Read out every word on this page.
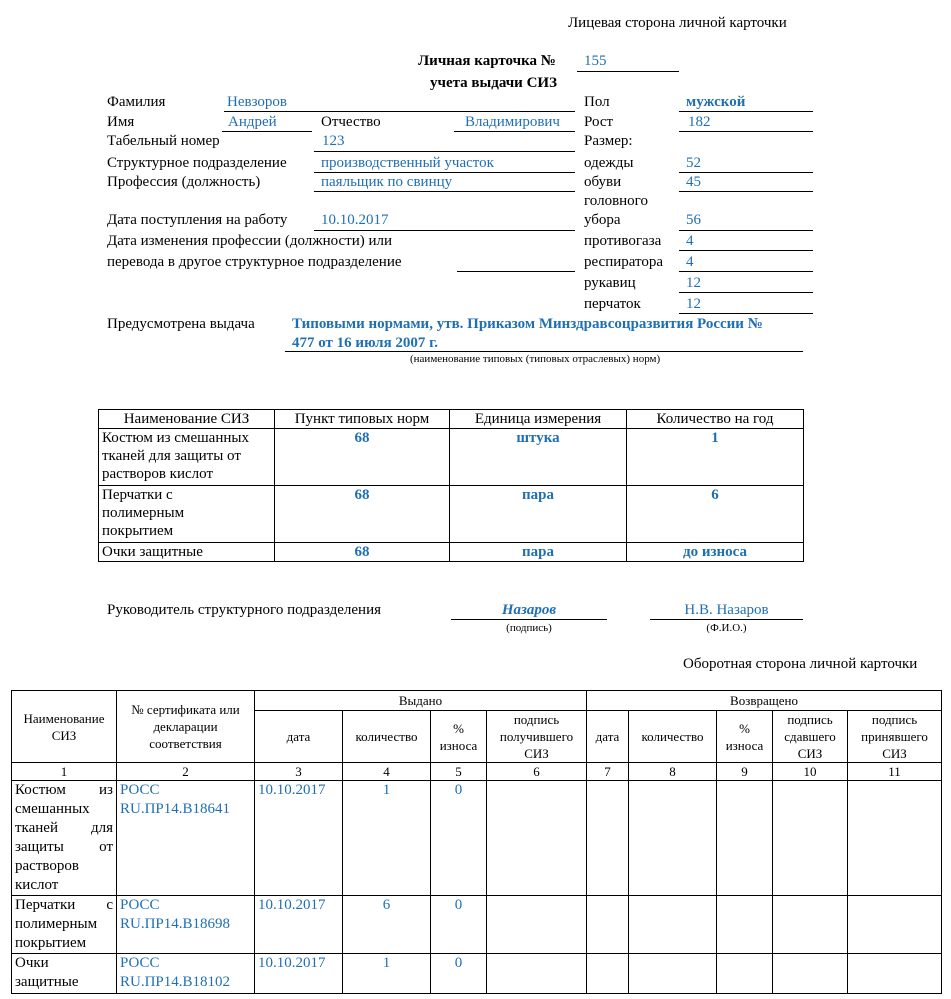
Лицевая сторона личной карточки
Личная карточка № 155
учета выдачи СИЗ
Фамилия	Невзоров
Имя	Андрей	Отчество	Владимирович
Табельный номер	123
Структурное подразделение производственный участок
Профессия (должность)	паяльщик по свинцу
Дата поступления на работу 10.10.2017
Дата изменения профессии (должности) или
перевода в другое структурное подразделение
Пол	мужской
Рост	182
Размер:
одежды	52
обуви	45
головного
убора	56
противогаза 4
респиратора 4
рукавиц	12
перчаток	12
Предусмотрена выдача Типовыми нормами, утв. Приказом Минздравсоцразвития России №
477 от 16 июля 2007 г.
(наименование типовых (типовых отраслевых) норм)
Наименование СИЗ	Пункт типовых норм	Единица измерения	Количество на год
Костюм из смешанных тканей для защиты от растворов кислот	68	штука	1
Перчатки с полимерным покрытием	68	пара	6
Очки защитные	68	пара	до износа
Руководитель структурного подразделения	Назаров
(подпись)
Н.В. Назаров
(Ф.И.О.)
Оборотная сторона личной карточки
Наименование СИЗ	№ сертификата или декларации соответствия	Выдано				Возвращено				
		дата	количество	% износа	подпись получившего СИЗ	дата	количество	% износа	подпись сдавшего СИЗ	подпись принявшего СИЗ
1	2	3	4	5	6	7	8	9	10	11
Костюм из смешанных тканей для защиты от растворов кислот	РОСС RU.ПР14.В18641	10.10.2017	1	0						
Перчатки с полимерным покрытием	РОСС RU.ПР14.В18698	10.10.2017	6	0						
Очки защитные	РОСС RU.ПР14.В18102	10.10.2017	1	0						
